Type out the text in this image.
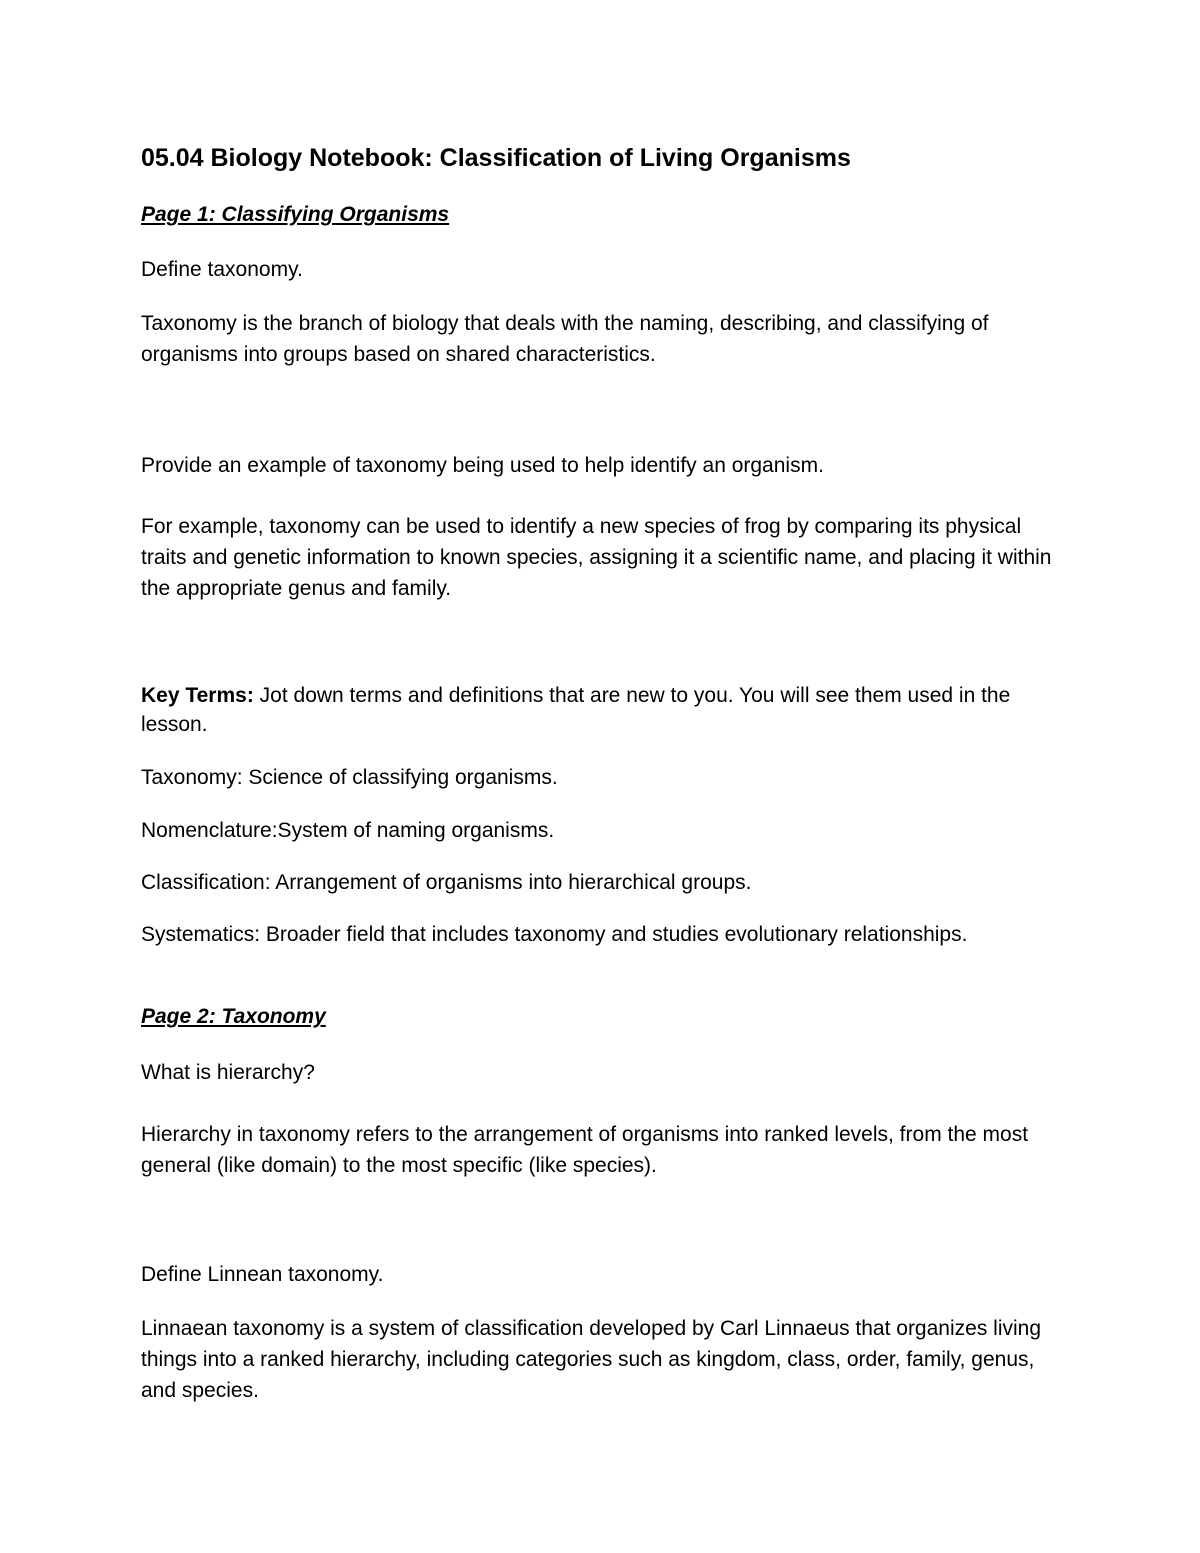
05.04 Biology Notebook: Classification of Living Organisms
Page 1: Classifying Organisms

Define taxonomy.

Taxonomy is the branch of biology that deals with the naming, describing, and classifying of organisms into groups based on shared characteristics.

Provide an example of taxonomy being used to help identify an organism.

For example, taxonomy can be used to identify a new species of frog by comparing its physical traits and genetic information to known species, assigning it a scientific name, and placing it within the appropriate genus and family.

Key Terms: Jot down terms and definitions that are new to you. You will see them used in the lesson.

Taxonomy: Science of classifying organisms.

Nomenclature:System of naming organisms.

Classification: Arrangement of organisms into hierarchical groups.

Systematics: Broader field that includes taxonomy and studies evolutionary relationships.

Page 2: Taxonomy

What is hierarchy?

Hierarchy in taxonomy refers to the arrangement of organisms into ranked levels, from the most general (like domain) to the most specific (like species).

Define Linnean taxonomy.

Linnaean taxonomy is a system of classification developed by Carl Linnaeus that organizes living things into a ranked hierarchy, including categories such as kingdom, class, order, family, genus, and species.
